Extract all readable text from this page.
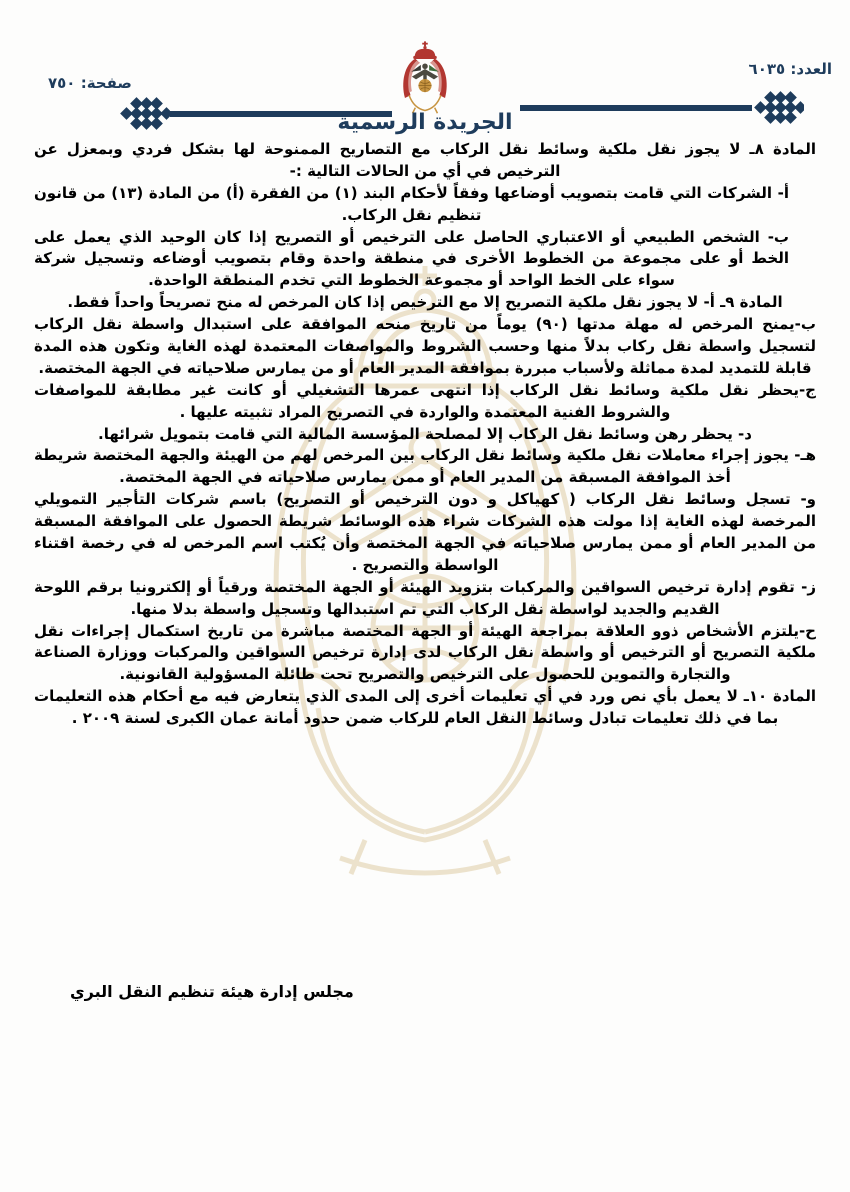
العدد: ٦٠٣٥
صفحة: ٧٥٠
الجريدة الرسمية

المادة ٨ـ لا يجوز نقل ملكية وسائط نقل الركاب مع التصاريح الممنوحة لها بشكل فردي وبمعزل عن الترخيص في أي من الحالات التالية :-

أ- الشركات التي قامت بتصويب أوضاعها وفقاً لأحكام البند (١) من الفقرة (أ) من المادة (١٣) من قانون تنظيم نقل الركاب.

ب- الشخص الطبيعي أو الاعتباري الحاصل على الترخيص أو التصريح إذا كان الوحيد الذي يعمل على الخط أو على مجموعة من الخطوط الأخرى في منطقة واحدة وقام بتصويب أوضاعه وتسجيل شركة سواء على الخط الواحد أو مجموعة الخطوط التي تخدم المنطقة الواحدة.

المادة ٩ـ أ- لا يجوز نقل ملكية التصريح إلا مع الترخيص إذا كان المرخص له منح تصريحاً واحداً فقط.

ب-يمنح المرخص له مهلة مدتها (٩٠) يوماً من تاريخ منحه الموافقة على استبدال واسطة نقل الركاب لتسجيل واسطة نقل ركاب بدلاً منها وحسب الشروط والمواصفات المعتمدة لهذه الغاية وتكون هذه المدة قابلة للتمديد لمدة مماثلة ولأسباب مبررة بموافقة المدير العام أو من يمارس صلاحياته في الجهة المختصة.

ج-يحظر نقل ملكية وسائط نقل الركاب إذا انتهى عمرها التشغيلي أو كانت غير مطابقة للمواصفات والشروط الفنية المعتمدة والواردة في التصريح المراد تثبيته عليها .

د- يحظر رهن وسائط نقل الركاب إلا لمصلحة المؤسسة المالية التي قامت بتمويل شرائها.

هـ- يجوز إجراء معاملات نقل ملكية وسائط نقل الركاب بين المرخص لهم من الهيئة والجهة المختصة شريطة أخذ الموافقة المسبقة من المدير العام أو ممن يمارس صلاحياته في الجهة المختصة.

و- تسجل وسائط نقل الركاب ( كهياكل و دون الترخيص أو التصريح) باسم شركات التأجير التمويلي المرخصة لهذه الغاية إذا مولت هذه الشركات شراء هذه الوسائط شريطة الحصول على الموافقة المسبقة من المدير العام أو ممن يمارس صلاحياته في الجهة المختصة وأن يُكتب اسم المرخص له في رخصة اقتناء الواسطة والتصريح .

ز- تقوم إدارة ترخيص السواقين والمركبات بتزويد الهيئة أو الجهة المختصة ورقياً أو إلكترونيا برقم اللوحة القديم والجديد لواسطة نقل الركاب التي تم استبدالها وتسجيل واسطة بدلا منها.

ح-يلتزم الأشخاص ذوو العلاقة بمراجعة الهيئة أو الجهة المختصة مباشرة من تاريخ استكمال إجراءات نقل ملكية التصريح أو الترخيص أو واسطة نقل الركاب لدى إدارة ترخيص السواقين والمركبات ووزارة الصناعة والتجارة والتموين للحصول على الترخيص والتصريح تحت طائلة المسؤولية القانونية.

المادة ١٠ـ لا يعمل بأي نص ورد في أي تعليمات أخرى إلى المدى الذي يتعارض فيه مع أحكام هذه التعليمات بما في ذلك تعليمات تبادل وسائط النقل العام للركاب ضمن حدود أمانة عمان الكبرى لسنة ٢٠٠٩ .

مجلس إدارة هيئة تنظيم النقل البري
